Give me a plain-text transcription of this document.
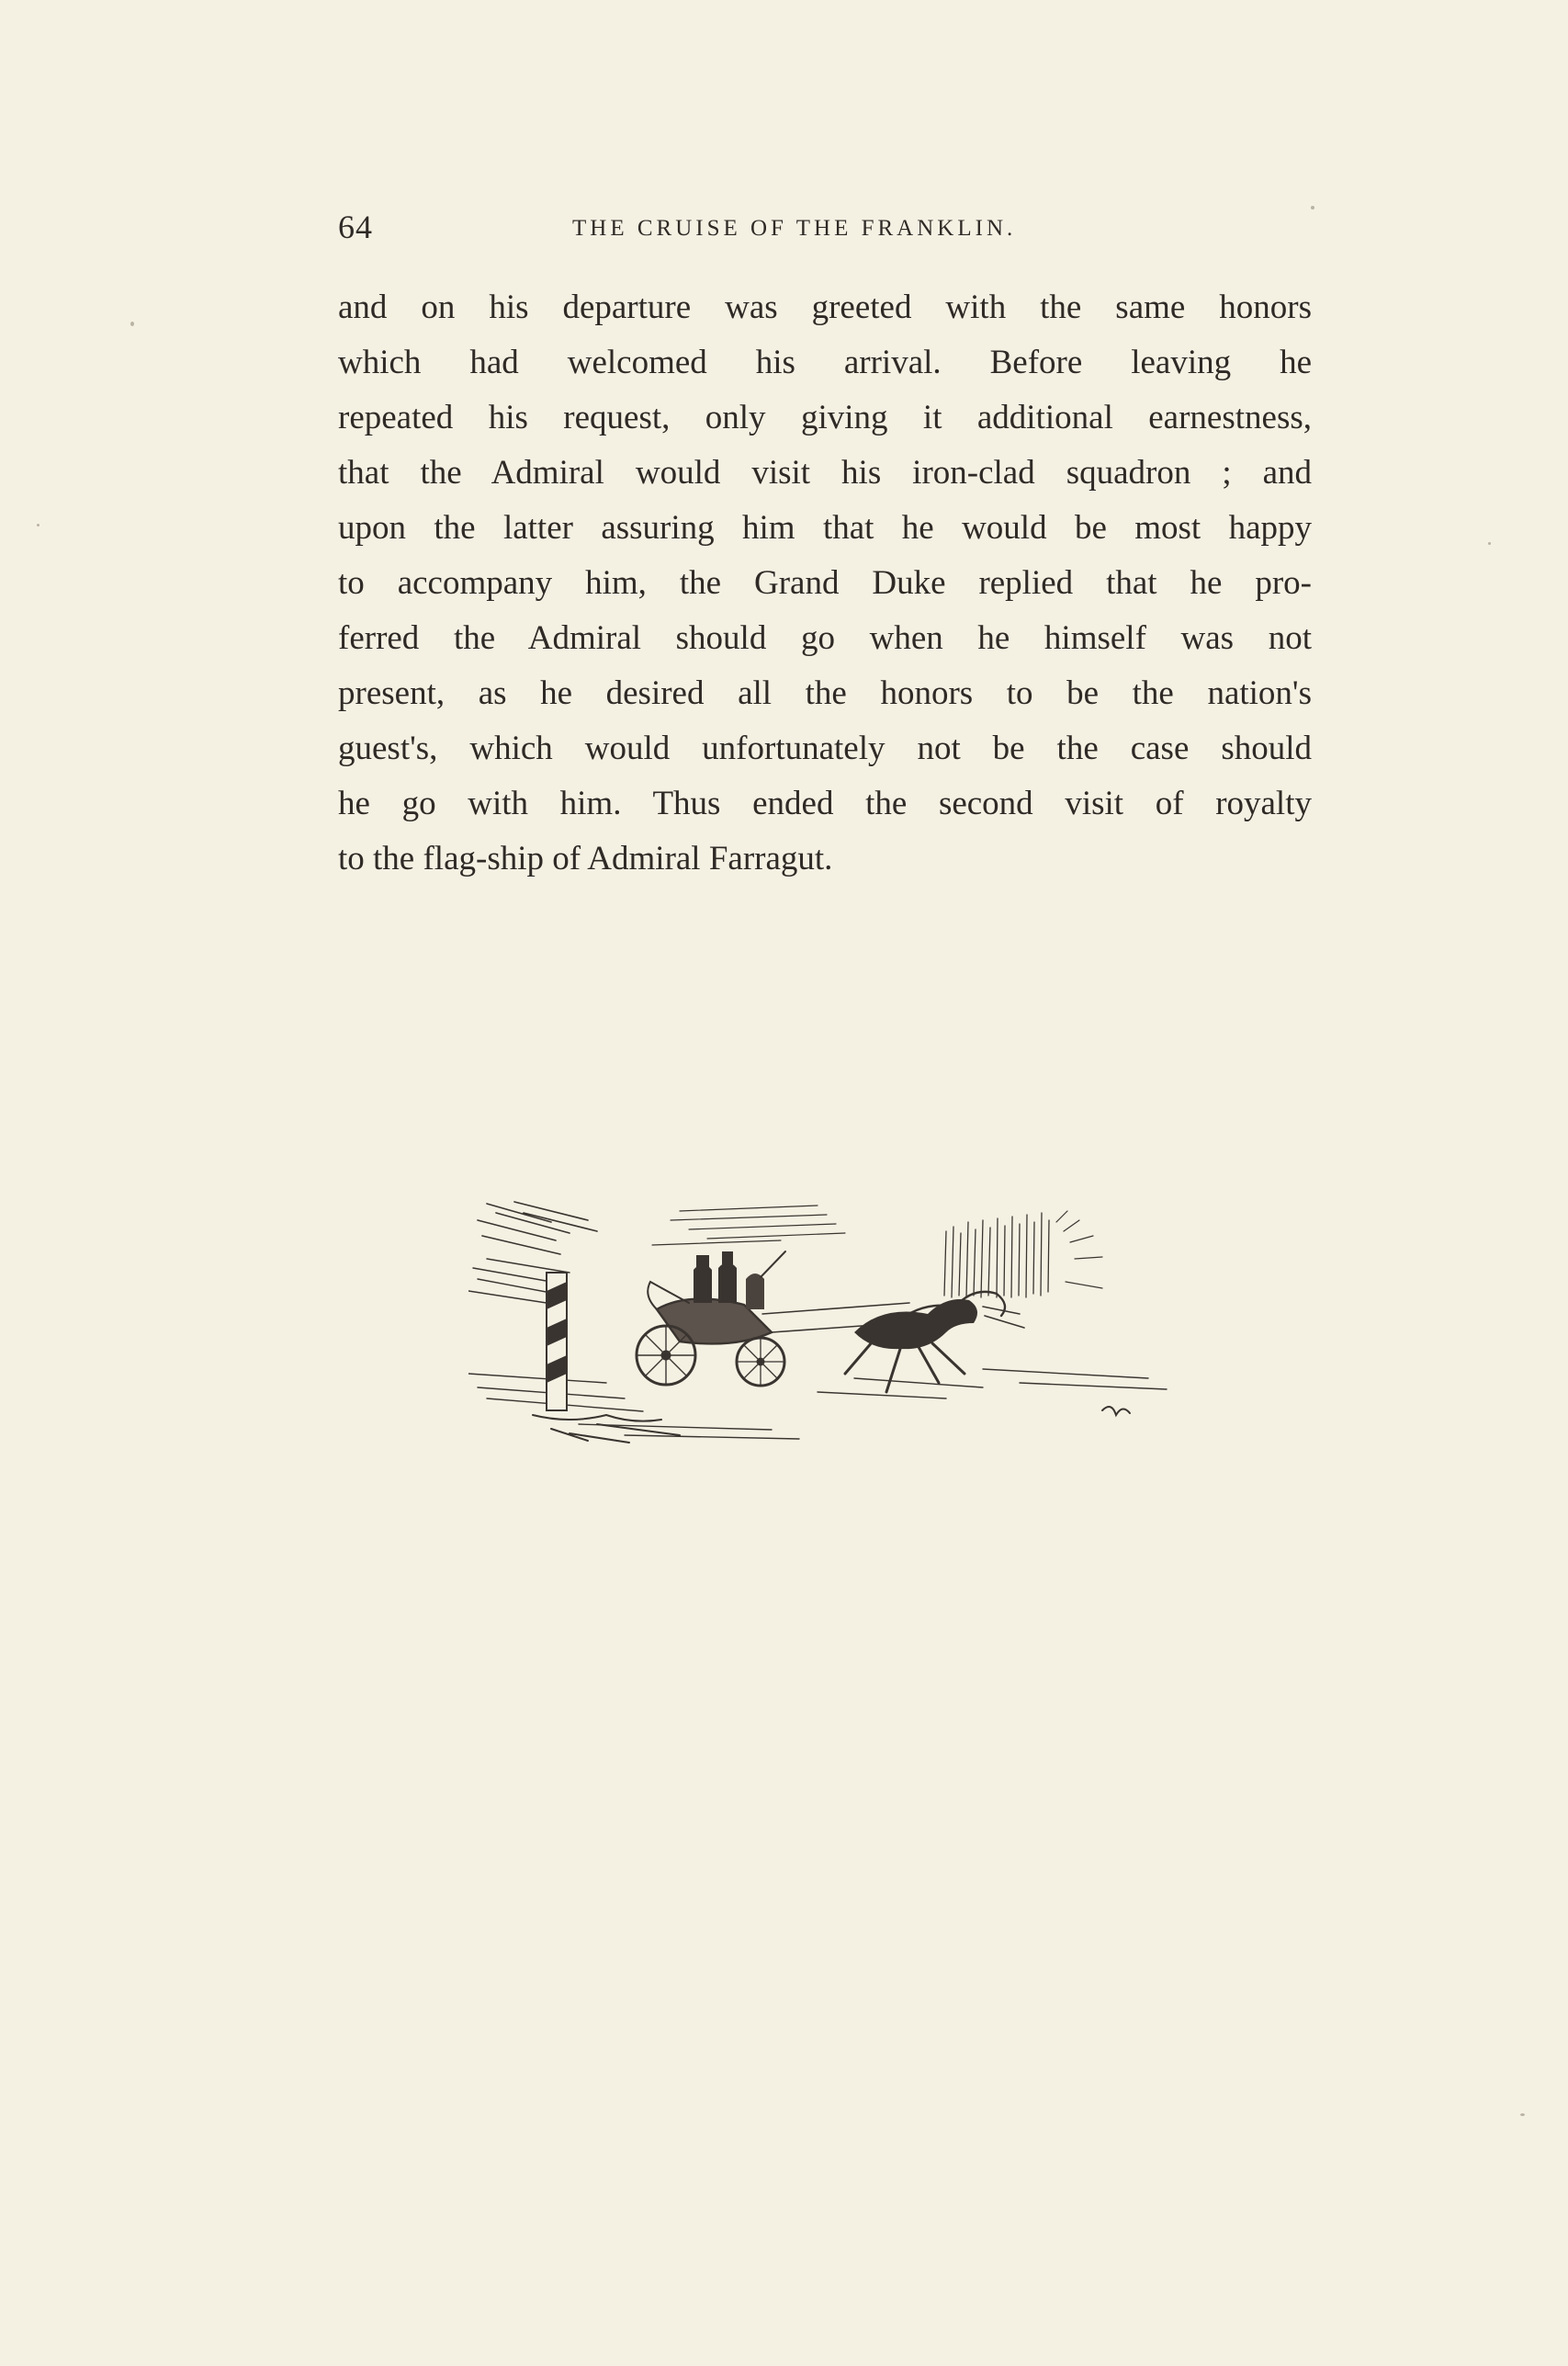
64	THE CRUISE OF THE FRANKLIN.
and on his departure was greeted with the same honors
which had welcomed his arrival. Before leaving he
repeated his request, only giving it additional earnestness,
that the Admiral would visit his iron-clad squadron ; and
upon the latter assuring him that he would be most happy
to accompany him, the Grand Duke replied that he pro-
ferred the Admiral should go when he himself was not
present, as he desired all the honors to be the nation's
guest's, which would unfortunately not be the case should
he go with him. Thus ended the second visit of royalty
to the flag-ship of Admiral Farragut.
